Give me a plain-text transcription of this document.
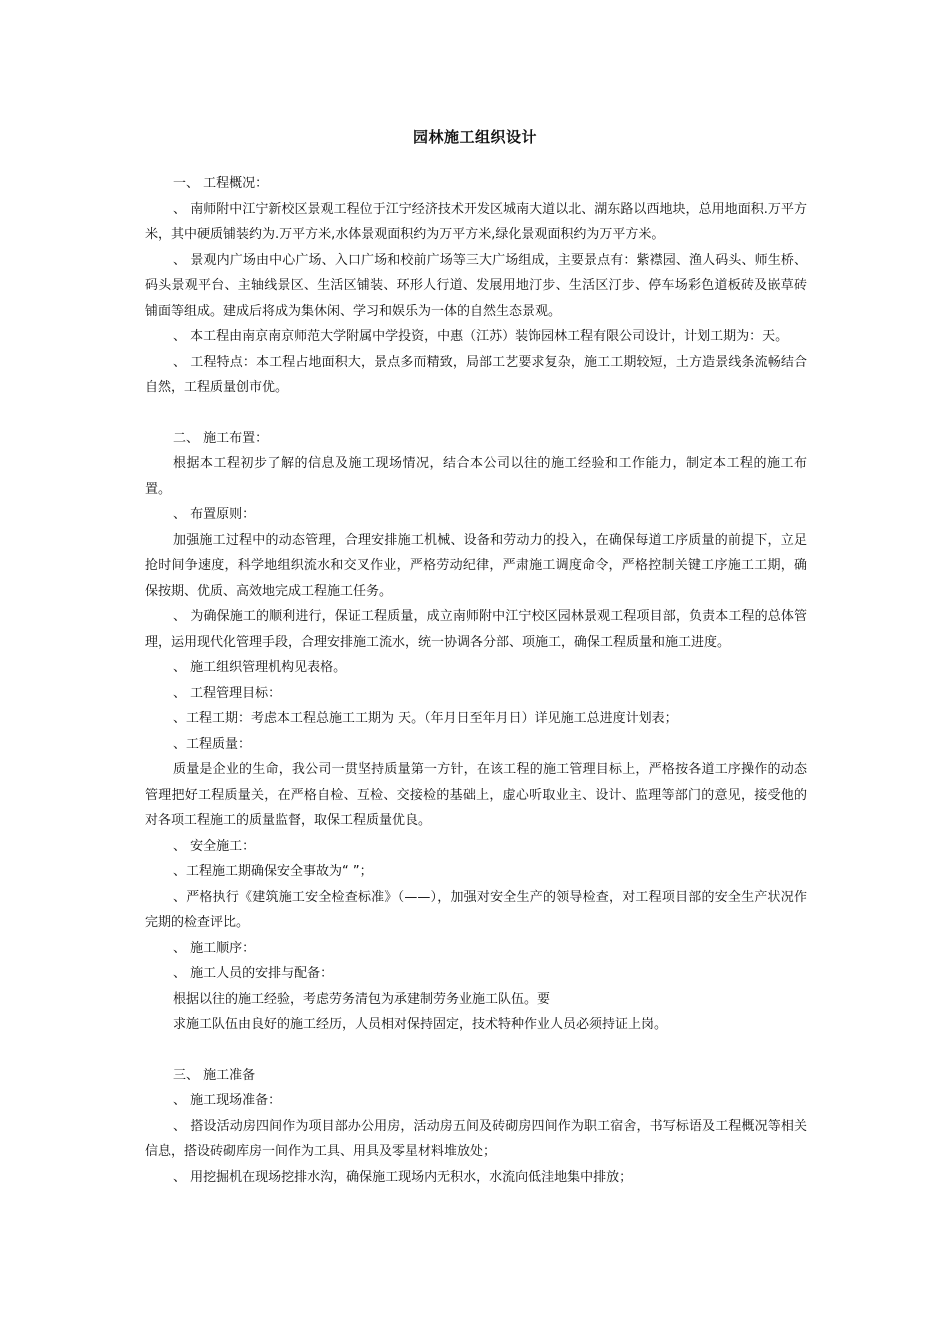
园林施工组织设计

一、 工程概况：

、 南师附中江宁新校区景观工程位于江宁经济技术开发区城南大道以北、湖东路以西地块，总用地面积.万平方米，其中硬质铺装约为.万平方米,水体景观面积约为万平方米,绿化景观面积约为万平方米。

、 景观内广场由中心广场、入口广场和校前广场等三大广场组成，主要景点有：紫襟园、渔人码头、师生桥、码头景观平台、主轴线景区、生活区铺装、环形人行道、发展用地汀步、生活区汀步、停车场彩色道板砖及嵌草砖铺面等组成。建成后将成为集休闲、学习和娱乐为一体的自然生态景观。

、 本工程由南京南京师范大学附属中学投资，中惠（江苏）装饰园林工程有限公司设计，计划工期为：天。

、 工程特点：本工程占地面积大，景点多而精致，局部工艺要求复杂，施工工期较短，土方造景线条流畅结合自然，工程质量创市优。

二、 施工布置：

根据本工程初步了解的信息及施工现场情况，结合本公司以往的施工经验和工作能力，制定本工程的施工布置。

、 布置原则：

加强施工过程中的动态管理，合理安排施工机械、设备和劳动力的投入，在确保每道工序质量的前提下，立足抢时间争速度，科学地组织流水和交叉作业，严格劳动纪律，严肃施工调度命令，严格控制关键工序施工工期，确保按期、优质、高效地完成工程施工任务。

、 为确保施工的顺利进行，保证工程质量，成立南师附中江宁校区园林景观工程项目部，负责本工程的总体管理，运用现代化管理手段，合理安排施工流水，统一协调各分部、项施工，确保工程质量和施工进度。

、 施工组织管理机构见表格。

、 工程管理目标：

、工程工期：考虑本工程总施工工期为 天。（年月日至年月日）详见施工总进度计划表；

、工程质量：

质量是企业的生命，我公司一贯坚持质量第一方针，在该工程的施工管理目标上，严格按各道工序操作的动态管理把好工程质量关，在严格自检、互检、交接检的基础上，虚心听取业主、设计、监理等部门的意见，接受他的对各项工程施工的质量监督，取保工程质量优良。

、 安全施工：

、工程施工期确保安全事故为“ ”；

、严格执行《建筑施工安全检查标准》（——），加强对安全生产的领导检查，对工程项目部的安全生产状况作完期的检查评比。

、 施工顺序：

、 施工人员的安排与配备：

根据以往的施工经验，考虑劳务清包为承建制劳务业施工队伍。要

求施工队伍由良好的施工经历，人员相对保持固定，技术特种作业人员必须持证上岗。

三、 施工准备

、 施工现场准备：

、 搭设活动房四间作为项目部办公用房，活动房五间及砖砌房四间作为职工宿舍，书写标语及工程概况等相关信息，搭设砖砌库房一间作为工具、用具及零星材料堆放处；

、 用挖掘机在现场挖排水沟，确保施工现场内无积水，水流向低洼地集中排放；
